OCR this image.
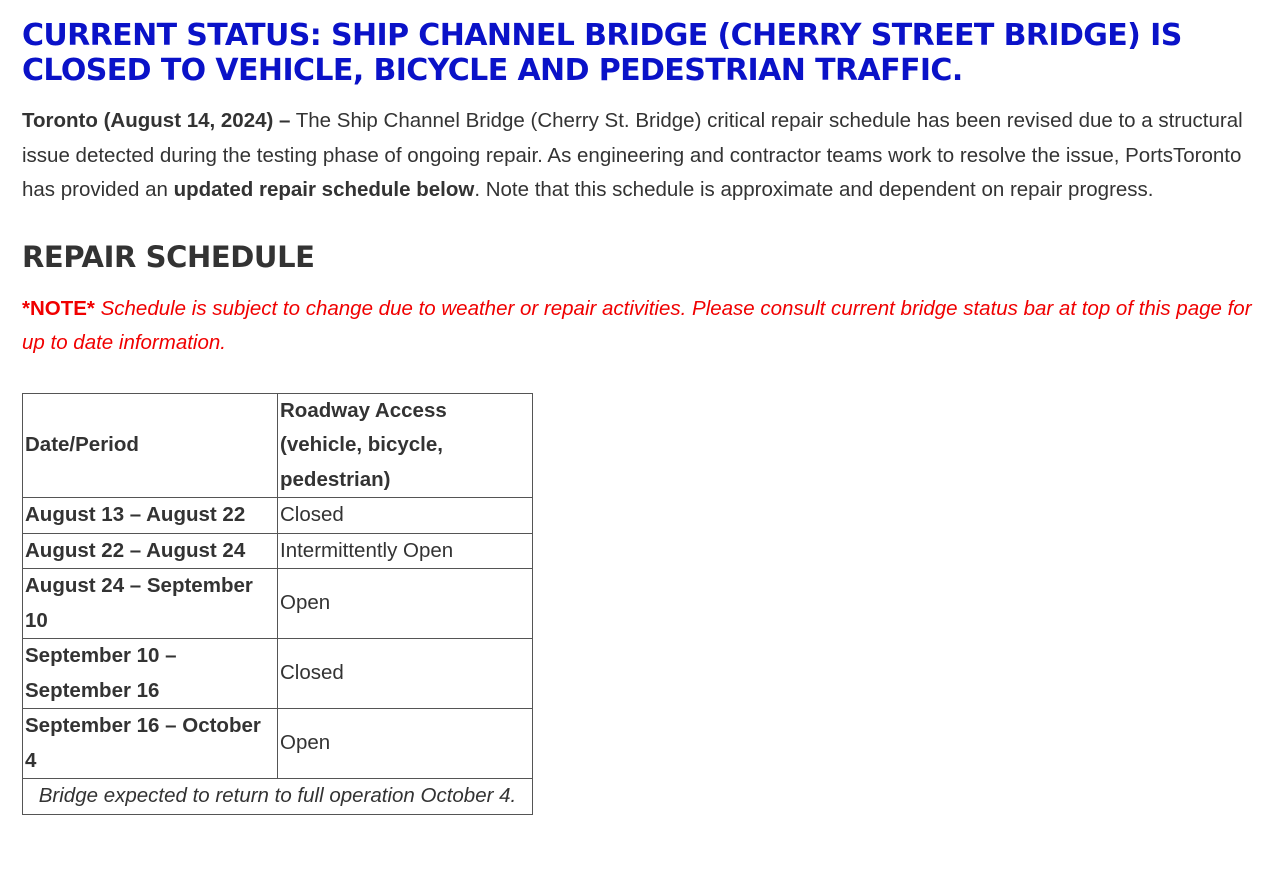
CURRENT STATUS: SHIP CHANNEL BRIDGE (CHERRY STREET BRIDGE) IS CLOSED TO VEHICLE, BICYCLE AND PEDESTRIAN TRAFFIC.

Toronto (August 14, 2024) – The Ship Channel Bridge (Cherry St. Bridge) critical repair schedule has been revised due to a structural issue detected during the testing phase of ongoing repair. As engineering and contractor teams work to resolve the issue, PortsToronto has provided an updated repair schedule below. Note that this schedule is approximate and dependent on repair progress.

REPAIR SCHEDULE

*NOTE* Schedule is subject to change due to weather or repair activities. Please consult current bridge status bar at top of this page for up to date information.

Date/Period	Roadway Access (vehicle, bicycle, pedestrian)
August 13 – August 22	Closed
August 22 – August 24	Intermittently Open
August 24 – September 10	Open
September 10 – September 16	Closed
September 16 – October 4	Open
Bridge expected to return to full operation October 4.	
